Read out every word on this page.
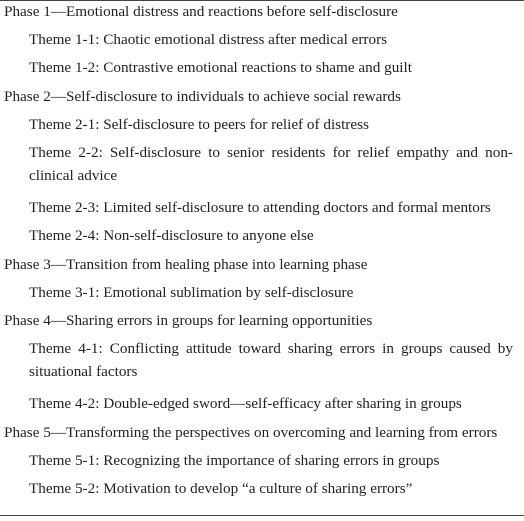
Phase 1—Emotional distress and reactions before self-disclosure
Theme 1-1: Chaotic emotional distress after medical errors
Theme 1-2: Contrastive emotional reactions to shame and guilt
Phase 2—Self-disclosure to individuals to achieve social rewards
Theme 2-1: Self-disclosure to peers for relief of distress
Theme 2-2: Self-disclosure to senior residents for relief empathy and non-clinical advice
Theme 2-3: Limited self-disclosure to attending doctors and formal mentors
Theme 2-4: Non-self-disclosure to anyone else
Phase 3—Transition from healing phase into learning phase
Theme 3-1: Emotional sublimation by self-disclosure
Phase 4—Sharing errors in groups for learning opportunities
Theme 4-1: Conflicting attitude toward sharing errors in groups caused by situational factors
Theme 4-2: Double-edged sword—self-efficacy after sharing in groups
Phase 5—Transforming the perspectives on overcoming and learning from errors
Theme 5-1: Recognizing the importance of sharing errors in groups
Theme 5-2: Motivation to develop “a culture of sharing errors”
